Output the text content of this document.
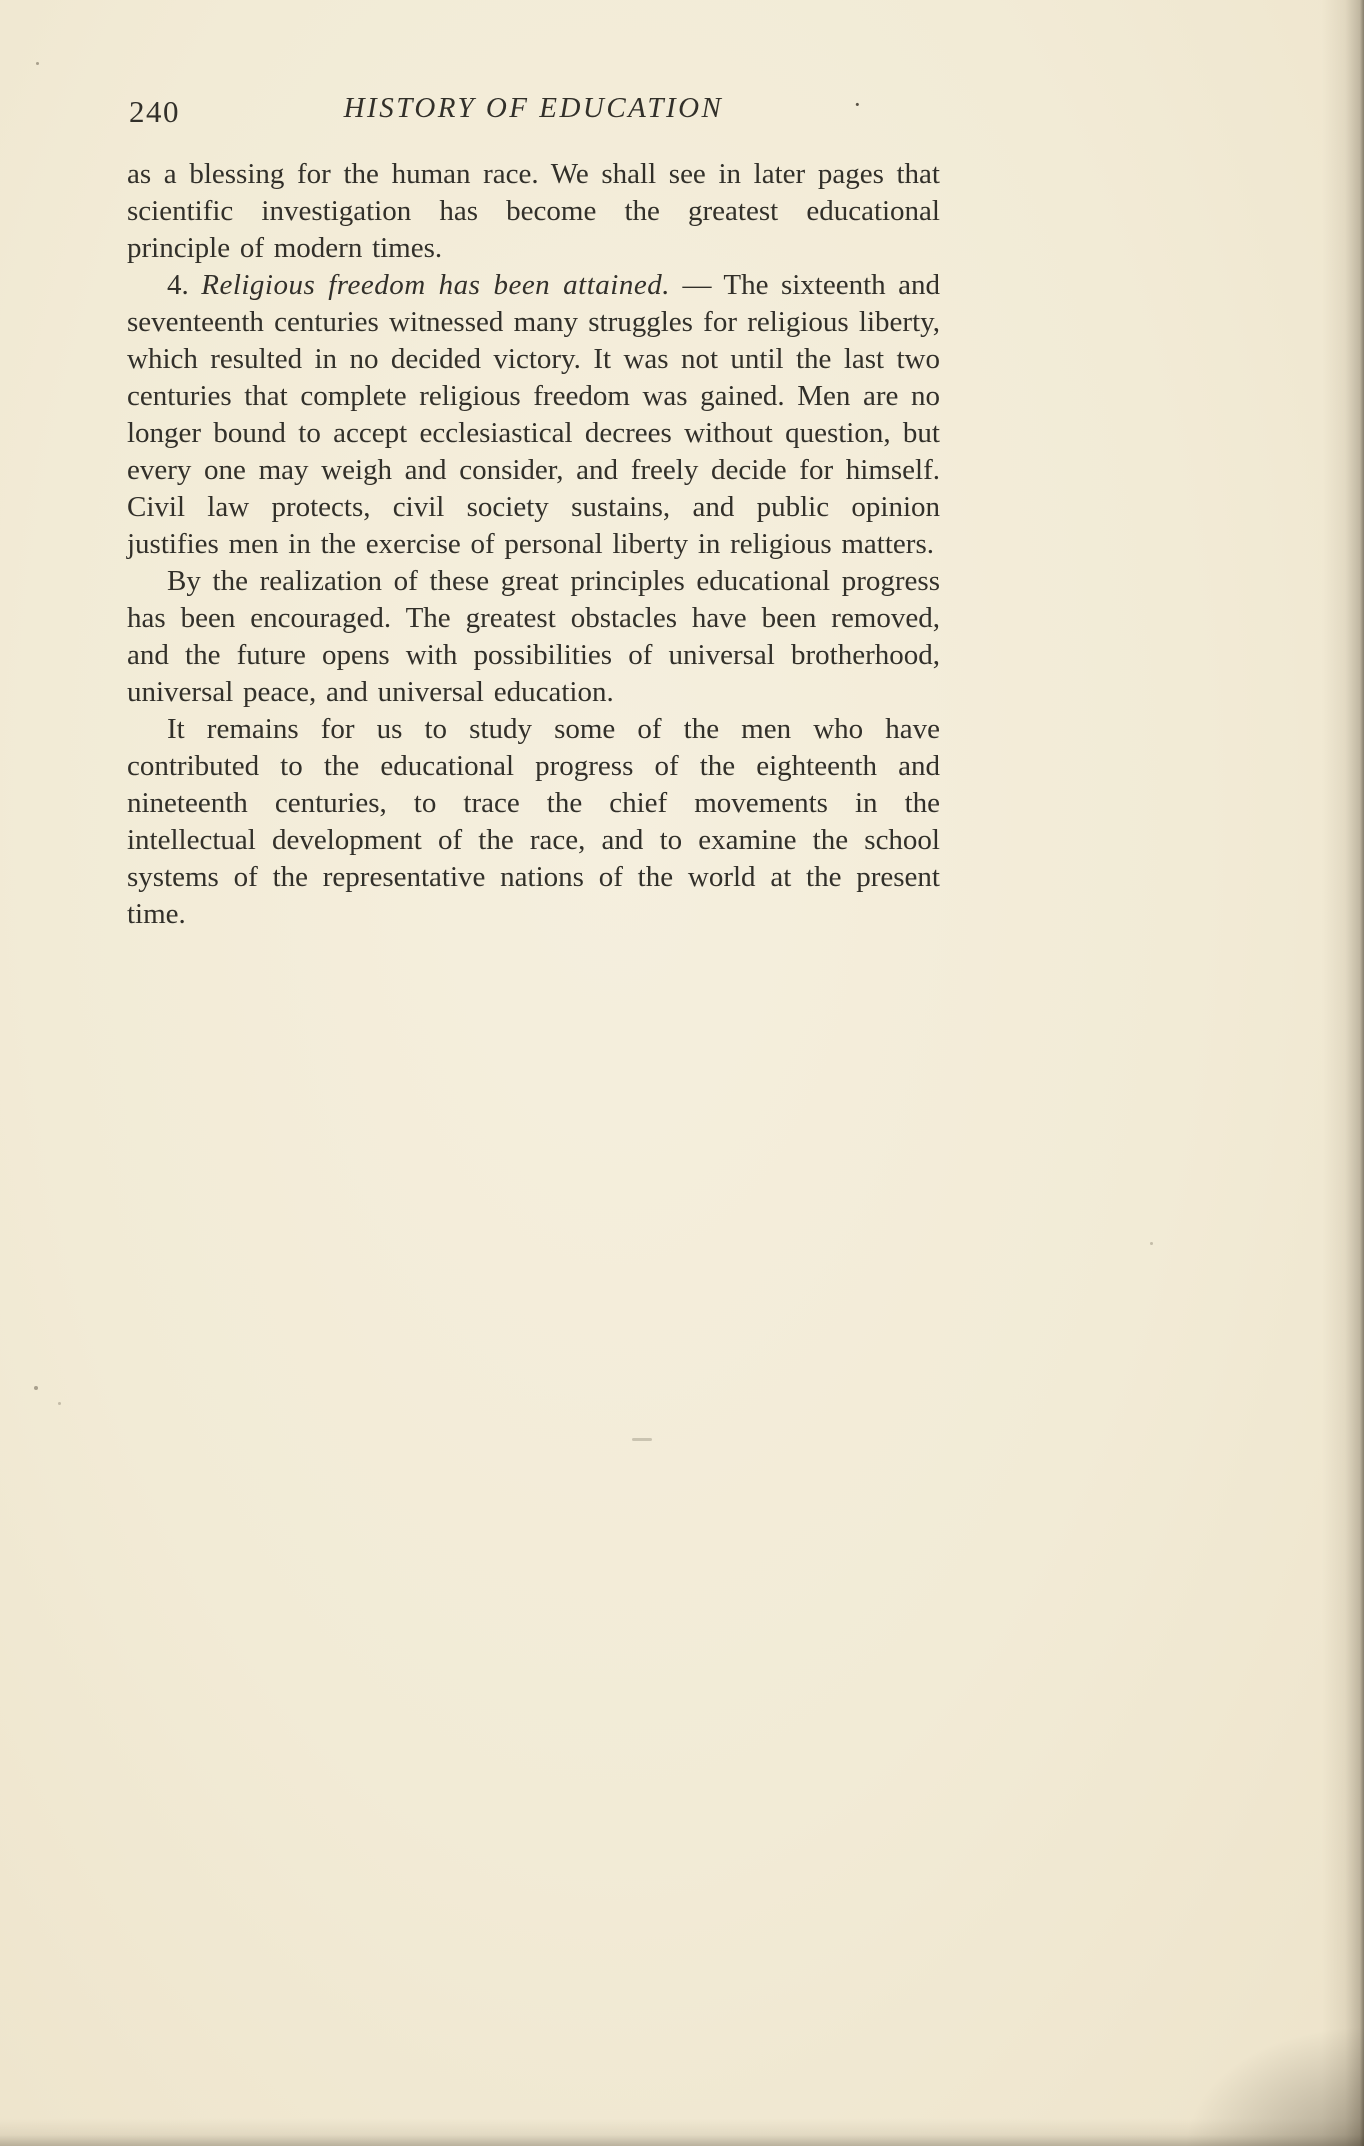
240	HISTORY OF EDUCATION	·

as a blessing for the human race. We shall see in later pages that scientific investigation has become the greatest educational principle of modern times.

4. Religious freedom has been attained. — The sixteenth and seventeenth centuries witnessed many struggles for religious liberty, which resulted in no decided victory. It was not until the last two centuries that complete religious freedom was gained. Men are no longer bound to accept ecclesiastical decrees without question, but every one may weigh and consider, and freely decide for himself. Civil law protects, civil society sustains, and public opinion justifies men in the exercise of personal liberty in religious matters.

By the realization of these great principles educational progress has been encouraged. The greatest obstacles have been removed, and the future opens with possibilities of universal brotherhood, universal peace, and universal education.

It remains for us to study some of the men who have contributed to the educational progress of the eighteenth and nineteenth centuries, to trace the chief movements in the intellectual development of the race, and to examine the school systems of the representative nations of the world at the present time.
